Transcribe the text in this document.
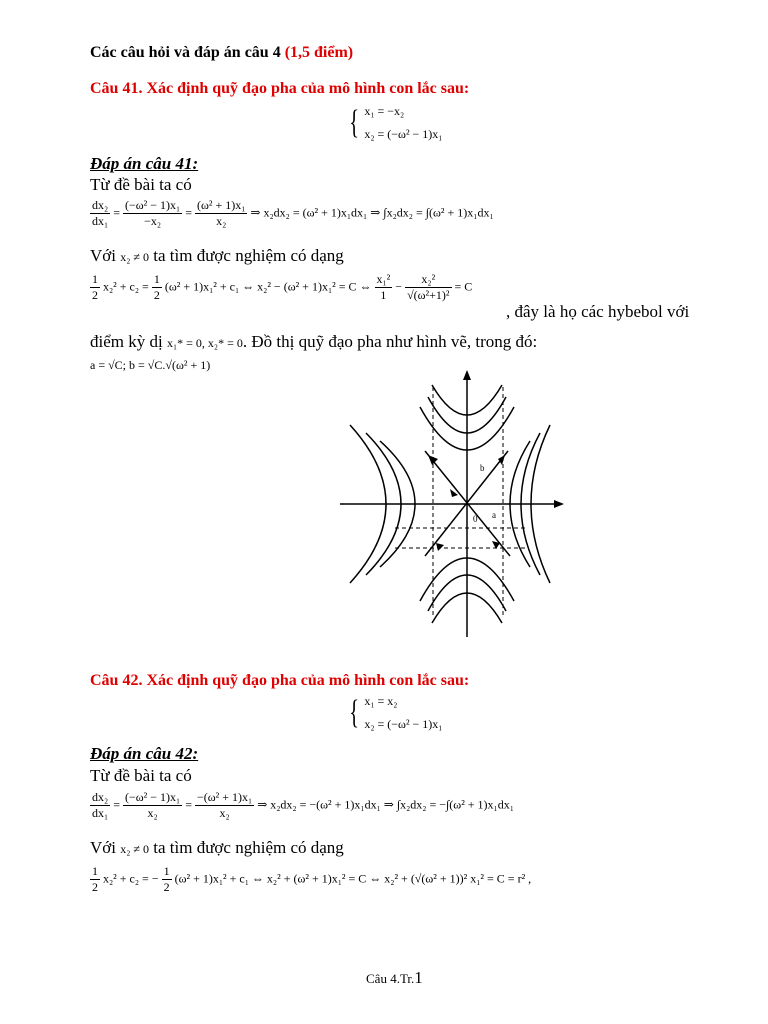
Các câu hỏi và đáp án câu 4 (1,5 điểm)
Câu 41. Xác định quỹ đạo pha của mô hình con lắc sau:
{ x₁ = −x₂
x₂ = (−ω² − 1)x₁
Đáp án câu 41:
Từ đề bài ta có
$\frac{\text{dx₂}}{\text{dx₁}} = \frac{\text{(−ω² − 1)x₁}}{\text{−x₂}} = \frac{\text{(ω² + 1)x₁}}{\text{x₂}}$ ⇒ x₂dx₂ = (ω² + 1)x₁dx₁ ⇒ ∫x₂dx₂ = ∫(ω² + 1)x₁dx₁
Với x₂ ≠ 0 ta tìm được nghiệm có dạng
$\frac{1}{2} x_2^2 + c_2 = \frac{1}{2} (\omega^2 + 1)x_1^2 + c_1$ ⇔ x₂² − (ω² + 1)x₁² = C ⇔ $\frac{\text{x₁²}}{1} - \frac{\text{x₂²}}{\text{√(ω²+1)²}} = C$
, đây là họ các hybebol với
điểm kỳ dị x₁* = 0, x₂* = 0. Đồ thị quỹ đạo pha như hình vẽ, trong đó:
a = √C; b = √C.√(ω² + 1)
b
a
0
Câu 42. Xác định quỹ đạo pha của mô hình con lắc sau:
{ x₁ = x₂
x₂ = (−ω² − 1)x₁
Đáp án câu 42:
Từ đề bài ta có
$\frac{\text{dx₂}}{\text{dx₁}} = \frac{\text{(−ω² − 1)x₁}}{\text{x₂}} = \frac{\text{−(ω² + 1)x₁}}{\text{x₂}}$ ⇒ x₂dx₂ = −(ω² + 1)x₁dx₁ ⇒ ∫x₂dx₂ = −∫(ω² + 1)x₁dx₁
Với x₂ ≠ 0 ta tìm được nghiệm có dạng
$\frac{1}{2} x_2^2 + c_2$ = − $\frac{1}{2} (\omega^2 + 1)x_1^2 + c_1$ ⇔ x₂² + (ω² + 1)x₁² = C ⇔ x₂² + (√(ω² + 1))² x₁² = C = r² ,
Câu 4.Tr.1
